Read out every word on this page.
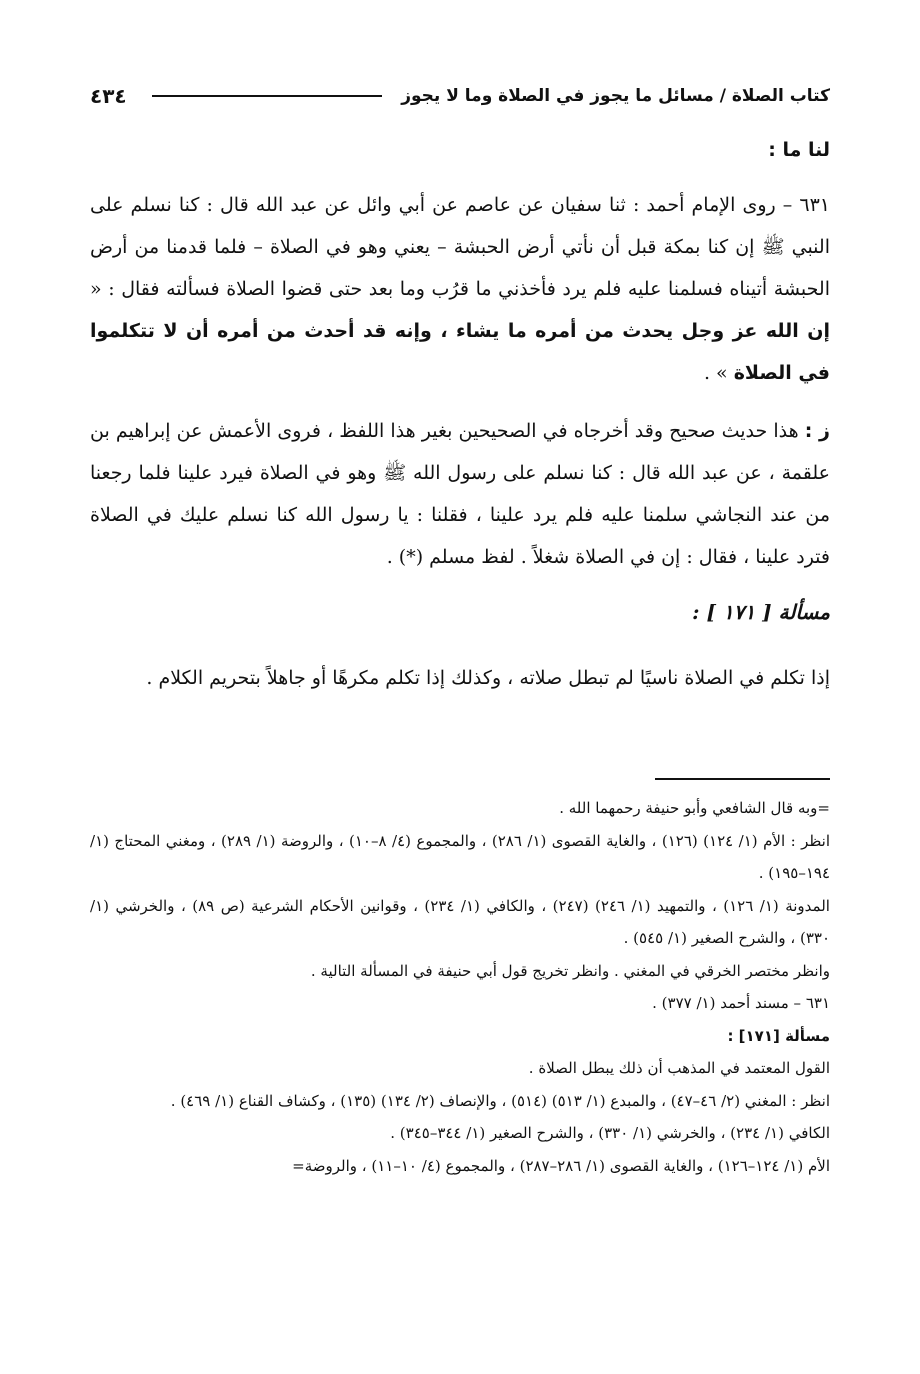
كتاب الصلاة / مسائل ما يجوز في الصلاة وما لا يجوز
٤٣٤
لنا ما :
٦٣١ – روى الإمام أحمد : ثنا سفيان عن عاصم عن أبي وائل عن عبد الله قال : كنا نسلم على النبي ﷺ إن كنا بمكة قبل أن نأتي أرض الحبشة – يعني وهو في الصلاة – فلما قدمنا من أرض الحبشة أتيناه فسلمنا عليه فلم يرد فأخذني ما قرُب وما بعد حتى قضوا الصلاة فسألته فقال : « إن الله عز وجل يحدث من أمره ما يشاء ، وإنه قد أحدث من أمره أن لا تتكلموا في الصلاة » .
ز : هذا حديث صحيح وقد أخرجاه في الصحيحين بغير هذا اللفظ ، فروى الأعمش عن إبراهيم بن علقمة ، عن عبد الله قال : كنا نسلم على رسول الله ﷺ وهو في الصلاة فيرد علينا فلما رجعنا من عند النجاشي سلمنا عليه فلم يرد علينا ، فقلنا : يا رسول الله كنا نسلم عليك في الصلاة فترد علينا ، فقال : إن في الصلاة شغلاً . لفظ مسلم (*) .
مسألة [ ١٧١ ] :
إذا تكلم في الصلاة ناسيًا لم تبطل صلاته ، وكذلك إذا تكلم مكرهًا أو جاهلاً بتحريم الكلام .
=وبه قال الشافعي وأبو حنيفة رحمهما الله .
انظر : الأم (١/ ١٢٤) (١٢٦) ، والغاية القصوى (١/ ٢٨٦) ، والمجموع (٤/ ٨–١٠) ، والروضة (١/ ٢٨٩) ، ومغني المحتاج (١/ ١٩٤–١٩٥) .
المدونة (١/ ١٢٦) ، والتمهيد (١/ ٢٤٦) (٢٤٧) ، والكافي (١/ ٢٣٤) ، وقوانين الأحكام الشرعية (ص ٨٩) ، والخرشي (١/ ٣٣٠) ، والشرح الصغير (١/ ٥٤٥) .
وانظر مختصر الخرقي في المغني . وانظر تخريج قول أبي حنيفة في المسألة التالية .
٦٣١ – مسند أحمد (١/ ٣٧٧) .
مسألة [١٧١] :
القول المعتمد في المذهب أن ذلك يبطل الصلاة .
انظر : المغني (٢/ ٤٦–٤٧) ، والمبدع (١/ ٥١٣) (٥١٤) ، والإنصاف (٢/ ١٣٤) (١٣٥) ، وكشاف القناع (١/ ٤٦٩) .
الكافي (١/ ٢٣٤) ، والخرشي (١/ ٣٣٠) ، والشرح الصغير (١/ ٣٤٤–٣٤٥) .
الأم (١/ ١٢٤–١٢٦) ، والغاية القصوى (١/ ٢٨٦–٢٨٧) ، والمجموع (٤/ ١٠–١١) ، والروضة=
